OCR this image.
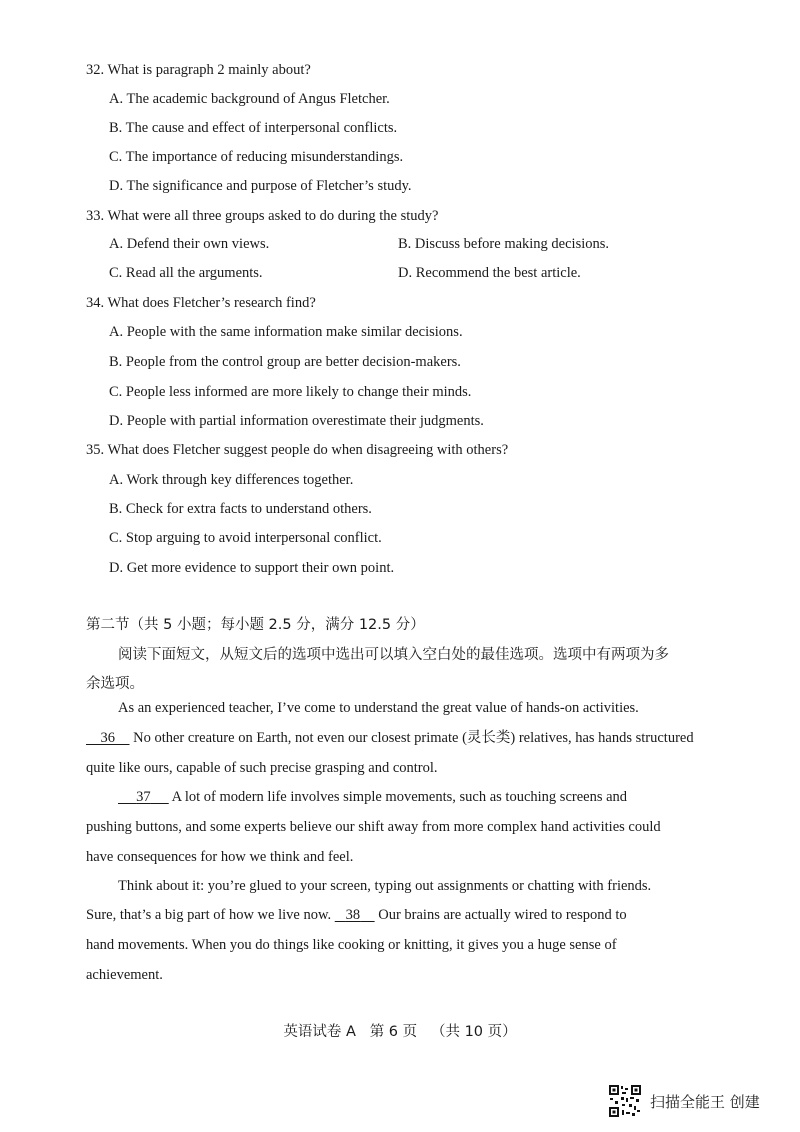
32. What is paragraph 2 mainly about?
A. The academic background of Angus Fletcher.
B. The cause and effect of interpersonal conflicts.
C. The importance of reducing misunderstandings.
D. The significance and purpose of Fletcher’s study.
33. What were all three groups asked to do during the study?
A. Defend their own views.	B. Discuss before making decisions.
C. Read all the arguments.	D. Recommend the best article.
34. What does Fletcher’s research find?
A. People with the same information make similar decisions.
B. People from the control group are better decision-makers.
C. People less informed are more likely to change their minds.
D. People with partial information overestimate their judgments.
35. What does Fletcher suggest people do when disagreeing with others?
A. Work through key differences together.
B. Check for extra facts to understand others.
C. Stop arguing to avoid interpersonal conflict.
D. Get more evidence to support their own point.
第二节（共 5 小题；每小题 2.5 分，满分 12.5 分）
阅读下面短文，从短文后的选项中选出可以填入空白处的最佳选项。选项中有两项为多
余选项。
As an experienced teacher, I’ve come to understand the great value of hands-on activities.
36     No other creature on Earth, not even our closest primate (灵长类) relatives, has hands structured
quite like ours, capable of such precise grasping and control.
37      A lot of modern life involves simple movements, such as touching screens and
pushing buttons, and some experts believe our shift away from more complex hand activities could
have consequences for how we think and feel.
Think about it: you’re glued to your screen, typing out assignments or chatting with friends.
Sure, that’s a big part of how we live now.    38     Our brains are actually wired to respond to
hand movements. When you do things like cooking or knitting, it gives you a huge sense of
achievement.
英语试卷 A   第 6 页   （共 10 页）
扫描全能王 创建
